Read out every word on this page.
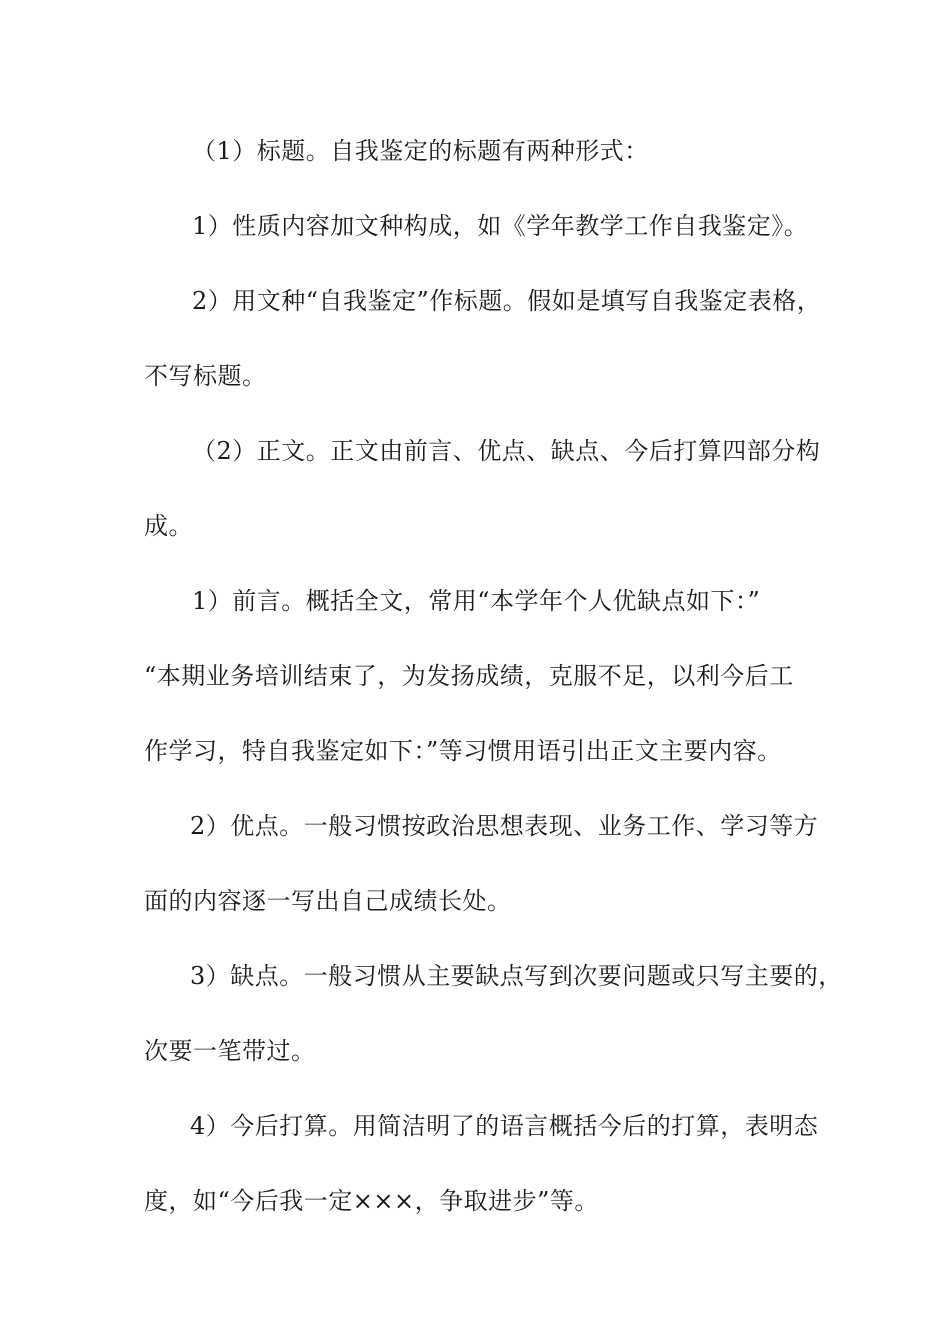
（1）标题。自我鉴定的标题有两种形式：
1）性质内容加文种构成，如《学年教学工作自我鉴定》。
2）用文种“自我鉴定”作标题。假如是填写自我鉴定表格，
不写标题。
（2）正文。正文由前言、优点、缺点、今后打算四部分构
成。
1）前言。概括全文，常用“本学年个人优缺点如下：”
“本期业务培训结束了，为发扬成绩，克服不足，以利今后工
作学习，特自我鉴定如下：”等习惯用语引出正文主要内容。
2）优点。一般习惯按政治思想表现、业务工作、学习等方
面的内容逐一写出自己成绩长处。
3）缺点。一般习惯从主要缺点写到次要问题或只写主要的，
次要一笔带过。
4）今后打算。用简洁明了的语言概括今后的打算，表明态
度，如“今后我一定×××，争取进步”等。
